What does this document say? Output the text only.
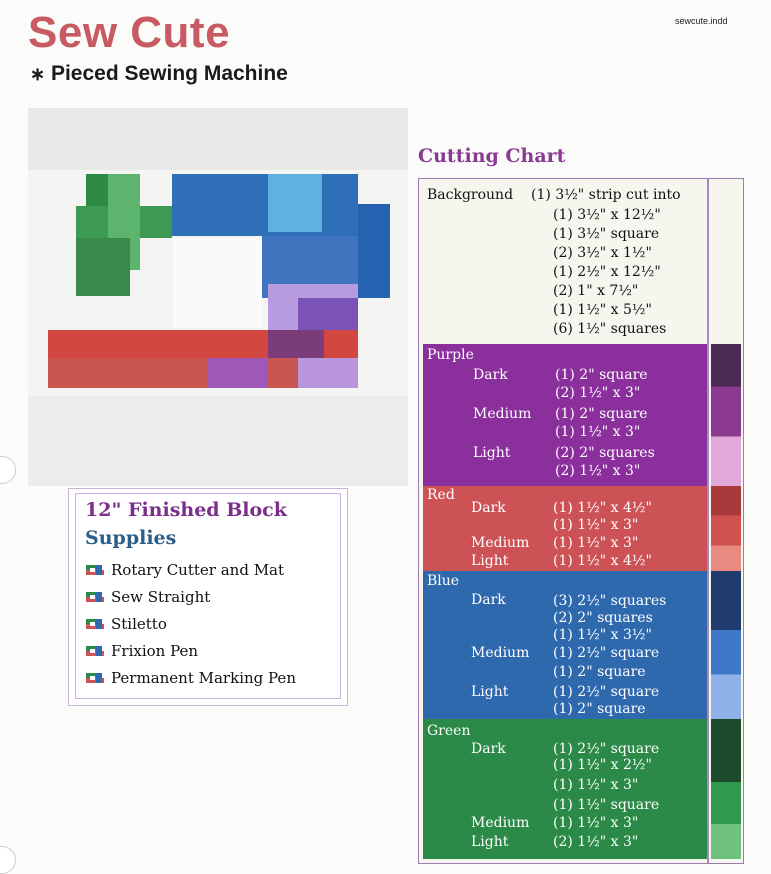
Sew Cute
∗ Pieced Sewing Machine
sewcute.indd
12" Finished Block
Supplies
Rotary Cutter and Mat
Sew Straight
Stiletto
Frixion Pen
Permanent Marking Pen
Cutting Chart
Background (1) 3½" strip cut into
(1) 3½" x 12½"
(1) 3½" square
(2) 3½" x 1½"
(1) 2½" x 12½"
(2) 1" x 7½"
(1) 1½" x 5½"
(6) 1½" squares
Purple
Dark	(1) 2" square
(2) 1½" x 3"
Medium (1) 2" square
(1) 1½" x 3"
Light	(2) 2" squares
(2) 1½" x 3"
Red
Dark	(1) 1½" x 4½"
(1) 1½" x 3"
Medium (1) 1½" x 3"
Light	(1) 1½" x 4½"
Blue
Dark	(3) 2½" squares
(2) 2" squares
(1) 1½" x 3½"
Medium (1) 2½" square
(1) 2" square
Light	(1) 2½" square
(1) 2" square
Green
Dark	(1) 2½" square
(1) 1½" x 2½"
(1) 1½" x 3"
(1) 1½" square
Medium (1) 1½" x 3"
Light	(2) 1½" x 3"
